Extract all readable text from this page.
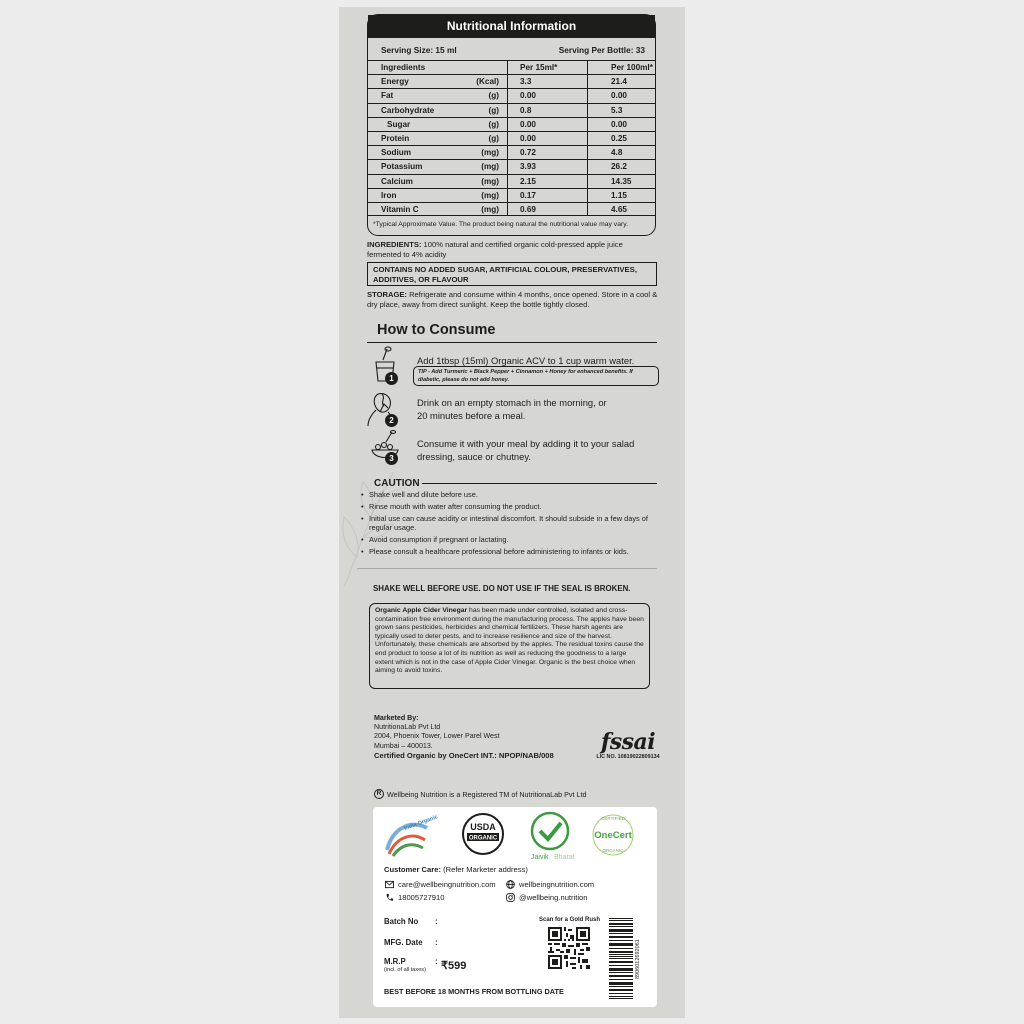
Nutritional Information
Serving Size: 15 ml	Serving Per Bottle: 33
Ingredients	Per 15ml*	Per 100ml*
Energy	(Kcal)	3.3	21.4
Fat	(g)	0.00	0.00
Carbohydrate	(g)	0.8	5.3
Sugar	(g)	0.00	0.00
Protein	(g)	0.00	0.25
Sodium	(mg)	0.72	4.8
Potassium	(mg)	3.93	26.2
Calcium	(mg)	2.15	14.35
Iron	(mg)	0.17	1.15
Vitamin C	(mg)	0.69	4.65
*Typical Approximate Value. The product being natural the nutritional value may vary.
INGREDIENTS: 100% natural and certified organic cold-pressed apple juice fermented to 4% acidity
CONTAINS NO ADDED SUGAR, ARTIFICIAL COLOUR, PRESERVATIVES, ADDITIVES, OR FLAVOUR
STORAGE: Refrigerate and consume within 4 months, once opened. Store in a cool & dry place, away from direct sunlight. Keep the bottle tightly closed.
How to Consume
1
Add 1tbsp (15ml) Organic ACV to 1 cup warm water.
TIP - Add Turmeric + Black Pepper + Cinnamon + Honey for enhanced benefits. If diabetic, please do not add honey.
2
Drink on an empty stomach in the morning, or 20 minutes before a meal.
3
Consume it with your meal by adding it to your salad dressing, sauce or chutney.
CAUTION
• Shake well and dilute before use.
• Rinse mouth with water after consuming the product.
• Initial use can cause acidity or intestinal discomfort. It should subside in a few days of regular usage.
• Avoid consumption if pregnant or lactating.
• Please consult a healthcare professional before administering to infants or kids.
SHAKE WELL BEFORE USE. DO NOT USE IF THE SEAL IS BROKEN.
Organic Apple Cider Vinegar has been made under controlled, isolated and cross-contamination free environment during the manufacturing process. The apples have been grown sans pesticides, herbicides and chemical fertilizers. These harsh agents are typically used to deter pests, and to increase resilience and size of the harvest. Unfortunately, these chemicals are absorbed by the apples. The residual toxins cause the end product to loose a lot of its nutrition as well as reducing the goodness to a large extent which is not in the case of Apple Cider Vinegar. Organic is the best choice when aiming to avoid toxins.
Marketed By:
NutritionaLab Pvt Ltd
2004, Phoenix Tower, Lower Parel West
Mumbai – 400013.
Certified Organic by OneCert INT.: NPOP/NAB/008
fssai
LIC NO. 10819022809134
R Wellbeing Nutrition is a Registered TM of NutritionaLab Pvt Ltd
India Organic	USDA
ORGANIC
Jaivik Bharat
CERTIFIED
OneCert
ORGANIC
Customer Care: (Refer Marketer address)
care@wellbeingnutrition.com	wellbeingnutrition.com
18005727910	@wellbeing.nutrition
Batch No :
MFG. Date :
M.R.P
(incl. of all taxes)
: ₹599
BEST BEFORE 18 MONTHS FROM BOTTLING DATE
Scan for a Gold Rush
8906012692061
